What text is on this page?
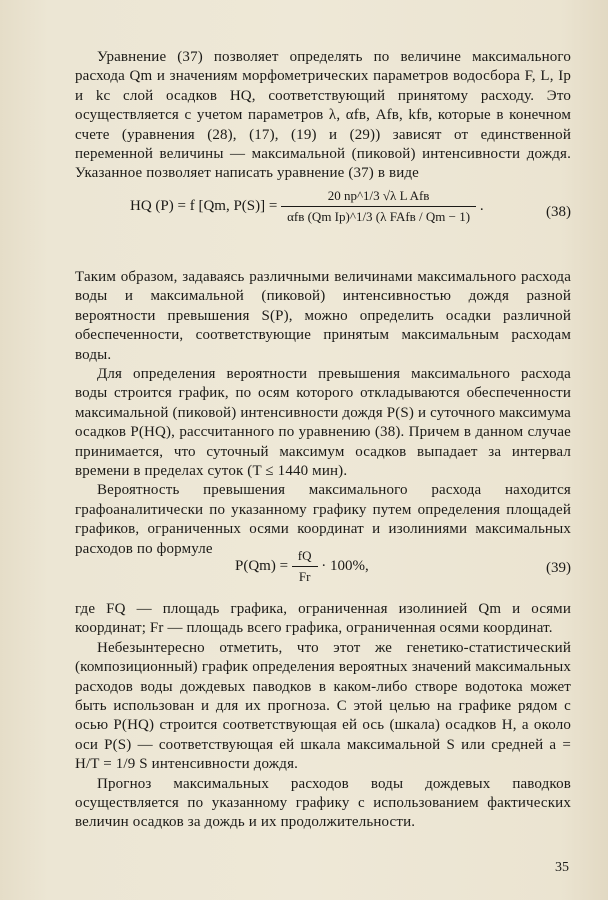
Уравнение (37) позволяет определять по величине максимального расхода Qm и значениям морфометрических параметров водосбора F, L, Iр и kс слой осадков HQ, соответствующий принятому расходу. Это осуществляется с учетом параметров λ, αfв, Afв, kfв, которые в конечном счете (уравнения (28), (17), (19) и (29)) зависят от единственной переменной величины — максимальной (пиковой) интенсивности дождя. Указанное позволяет написать уравнение (37) в виде

HQ (P) = f [Qm, $P(S)] = \frac{\text{20 np\textasciicircum{}1/3 √λ L Afв}}{\text{αfв (Qm Ip)\textasciicircum{}1/3 (λ FAfв / Qm − 1)}}$ .	(38)

Таким образом, задаваясь различными величинами максимального расхода воды и максимальной (пиковой) интенсивностью дождя разной вероятности превышения S(P), можно определить осадки различной обеспеченности, соответствующие принятым максимальным расходам воды.

Для определения вероятности превышения максимального расхода воды строится график, по осям которого откладываются обеспеченности максимальной (пиковой) интенсивности дождя P(S) и суточного максимума осадков P(HQ), рассчитанного по уравнению (38). Причем в данном случае принимается, что суточный максимум осадков выпадает за интервал времени в пределах суток (T ≤ 1440 мин).

Вероятность превышения максимального расхода находится графоаналитически по указанному графику путем определения площадей графиков, ограниченных осями координат и изолиниями максимальных расходов по формуле

$P(Qm) = \frac{fQ}{Fr} \cdot 100\%$,	(39)

где FQ — площадь графика, ограниченная изолинией Qm и осями координат; Fr — площадь всего графика, ограниченная осями координат.

Небезынтересно отметить, что этот же генетико-статистический (композиционный) график определения вероятных значений максимальных расходов воды дождевых паводков в каком-либо створе водотока может быть использован и для их прогноза. С этой целью на графике рядом с осью P(HQ) строится соответствующая ей ось (шкала) осадков H, а около оси P(S) — соответствующая ей шкала максимальной S или средней a = H/T = 1/9 S интенсивности дождя.

Прогноз максимальных расходов воды дождевых паводков осуществляется по указанному графику с использованием фактических величин осадков за дождь и их продолжительности.

35
